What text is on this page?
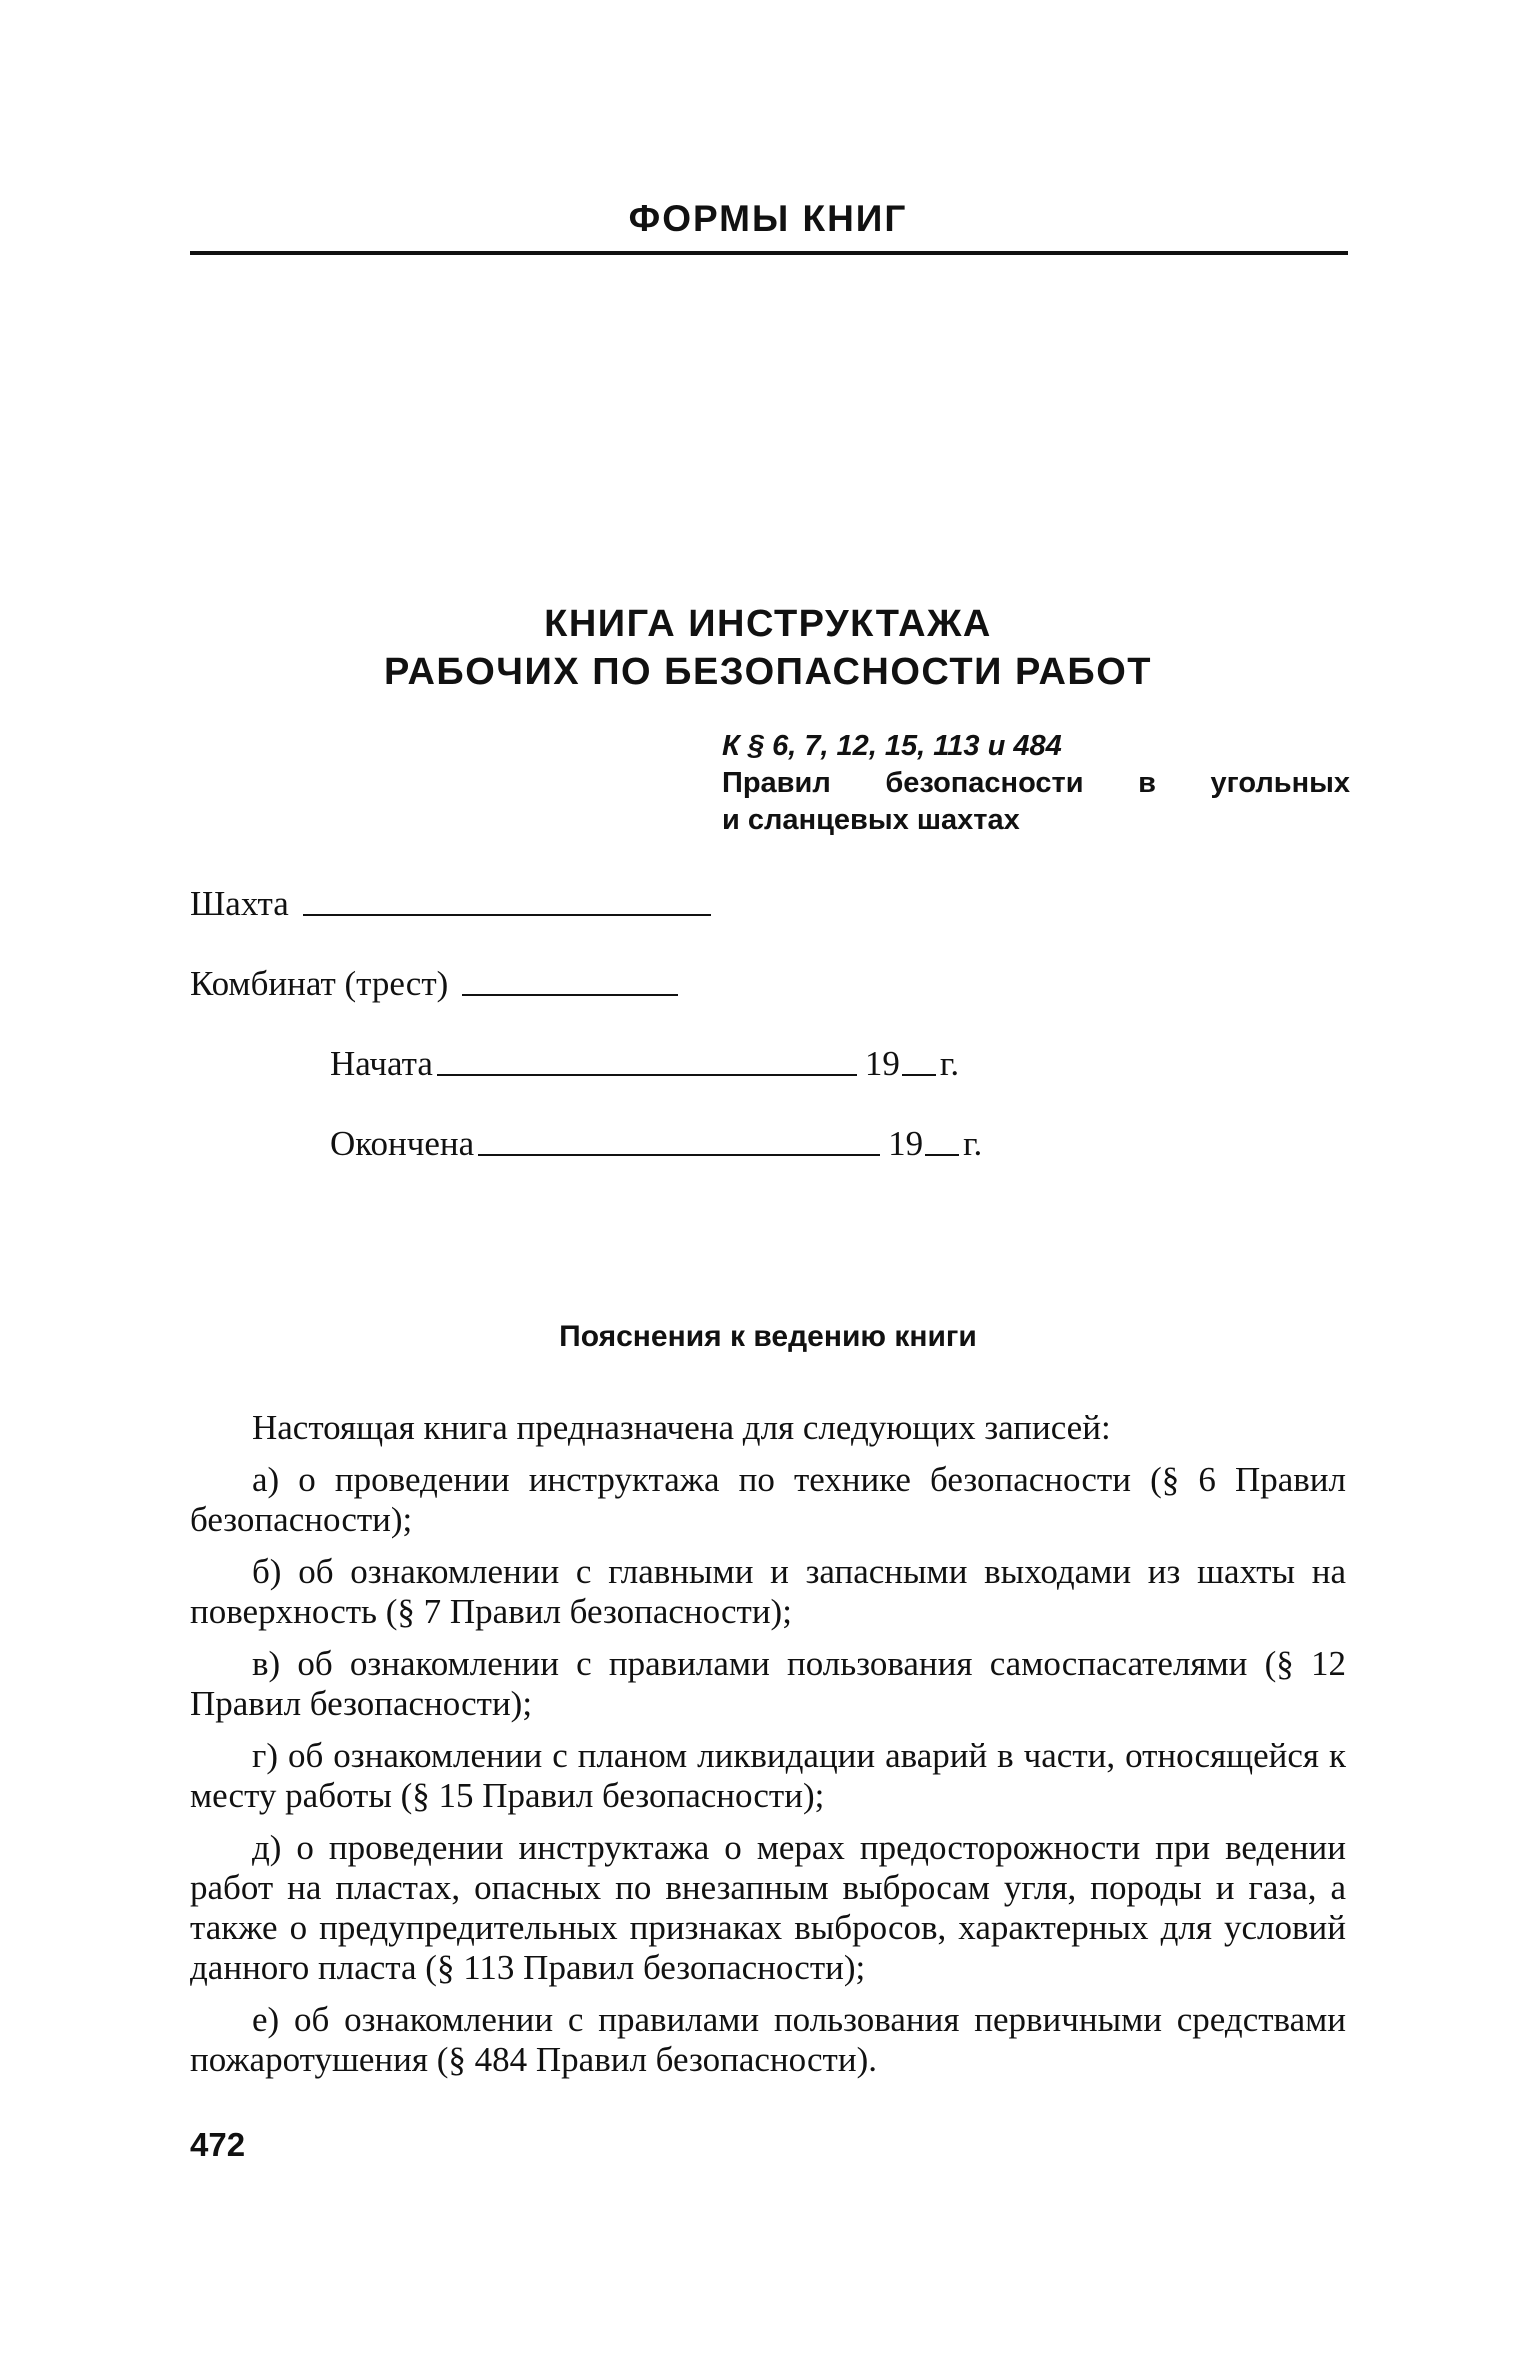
ФОРМЫ КНИГ
КНИГА ИНСТРУКТАЖА
РАБОЧИХ ПО БЕЗОПАСНОСТИ РАБОТ
К § 6, 7, 12, 15, 113 и 484
Правил безопасности в угольных
и сланцевых шахтах
Шахта
Комбинат (трест)
Начата	19 г.
Окончена	19 г.
Пояснения к ведению книги

Настоящая книга предназначена для следующих записей:

а) о проведении инструктажа по технике безопасности (§ 6 Правил безопасности);

б) об ознакомлении с главными и запасными выходами из шахты на поверхность (§ 7 Правил безопасности);

в) об ознакомлении с правилами пользования самоспасателями (§ 12 Правил безопасности);

г) об ознакомлении с планом ликвидации аварий в части, относящейся к месту работы (§ 15 Правил безопасности);

д) о проведении инструктажа о мерах предосторожности при ведении работ на пластах, опасных по внезапным выбросам угля, породы и газа, а также о предупредительных признаках выбросов, характерных для условий данного пласта (§ 113 Правил безопасности);

е) об ознакомлении с правилами пользования первичными средствами пожаротушения (§ 484 Правил безопасности).

472
